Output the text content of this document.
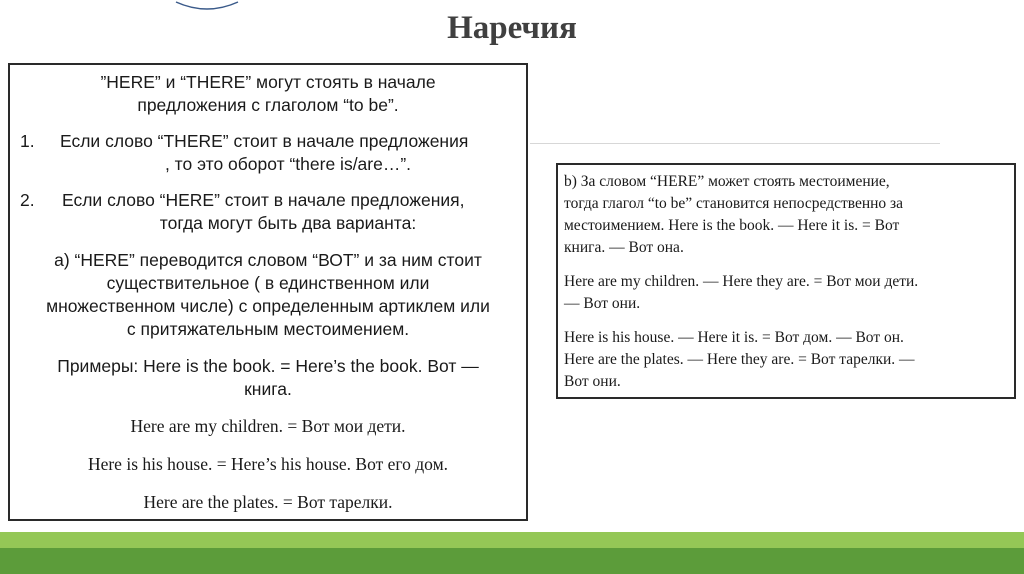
Наречия

”HERE” и “THERE” могут стоять в начале

предложения с глаголом “to be”.

1. Если слово “THERE” стоит в начале предложения

, то это оборот “there is/are…”.

2. Если слово “HERE” стоит в начале предложения,

тогда могут быть два варианта:

а) “HERE” переводится словом “ВОТ” и за ним стоит

существительное ( в единственном или

множественном числе) с определенным артиклем или

с притяжательным местоимением.

Примеры: Here is the book. = Here’s the book. Вот —

книга.

Here are my children. = Вот мои дети.

Here is his house. = Here’s his house. Вот его дом.

Here are the plates. = Вот тарелки.

b) За словом “HERE” может стоять местоимение,

тогда глагол “to be” становится непосредственно за

местоимением. Here is the book. — Here it is. = Вот

книга. — Вот она.

Here are my children. — Here they are. = Вот мои дети.

— Вот они.

Here is his house. — Here it is. = Вот дом. — Вот он.

Here are the plates. — Here they are. = Вот тарелки. —

Вот они.
